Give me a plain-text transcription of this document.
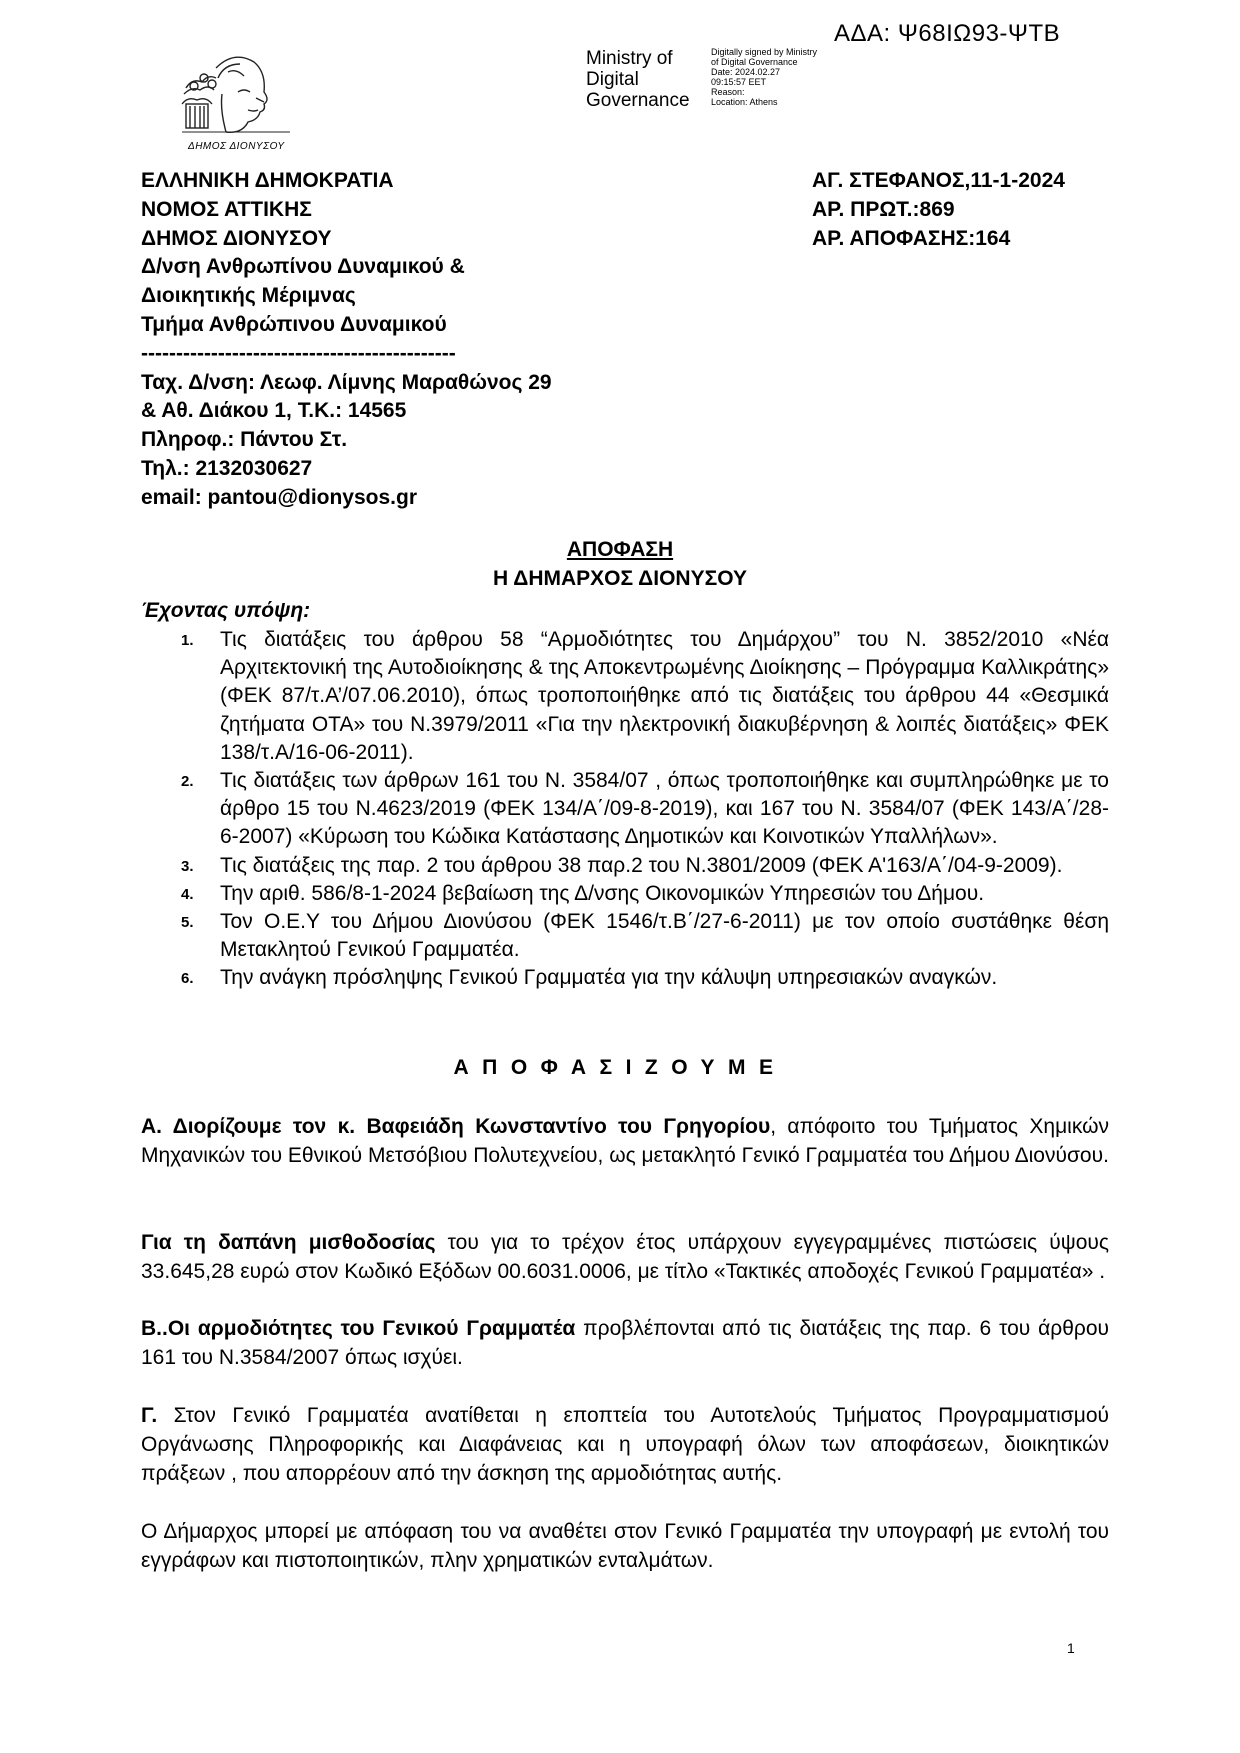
ΑΔΑ: Ψ68ΙΩ93-ΨΤΒ
ΔΗΜΟΣ ΔΙΟΝΥΣΟΥ
Ministry of
Digital
Governance
Digitally signed by Ministry
of Digital Governance
Date: 2024.02.27
09:15:57 EET
Reason:
Location: Athens
ΕΛΛΗΝΙΚΗ ΔΗΜΟΚΡΑΤΙΑ
ΝΟΜΟΣ ΑΤΤΙΚΗΣ
ΔΗΜΟΣ ΔΙΟΝΥΣΟΥ
Δ/νση Ανθρωπίνου Δυναμικού &
Διοικητικής Μέριμνας
Τμήμα Ανθρώπινου Δυναμικού
---------------------------------------------
Ταχ. Δ/νση: Λεωφ. Λίμνης Μαραθώνος 29
& Αθ. Διάκου 1, Τ.Κ.: 14565
Πληροφ.: Πάντου Στ.
Τηλ.: 2132030627
email: pantou@dionysos.gr
ΑΓ. ΣΤΕΦΑΝΟΣ,11-1-2024
ΑΡ. ΠΡΩΤ.:869
ΑΡ. ΑΠΟΦΑΣΗΣ:164
ΑΠΟΦΑΣΗ
Η ΔΗΜΑΡΧΟΣ ΔΙΟΝΥΣΟΥ
Έχοντας υπόψη:
1. Τις διατάξεις του άρθρου 58 “Αρμοδιότητες του Δημάρχου” του Ν. 3852/2010 «Νέα Αρχιτεκτονική της Αυτοδιοίκησης & της Αποκεντρωμένης Διοίκησης – Πρόγραμμα Καλλικράτης» (ΦΕΚ 87/τ.Α’/07.06.2010), όπως τροποποιήθηκε από τις διατάξεις του άρθρου 44 «Θεσμικά ζητήματα ΟΤΑ» του Ν.3979/2011 «Για την ηλεκτρονική διακυβέρνηση & λοιπές διατάξεις» ΦΕΚ 138/τ.Α/16-06-2011).
2. Τις διατάξεις των άρθρων 161 του Ν. 3584/07 , όπως τροποποιήθηκε και συμπληρώθηκε με το άρθρο 15 του Ν.4623/2019 (ΦΕΚ 134/Α΄/09-8-2019), και 167 του Ν. 3584/07 (ΦΕΚ 143/Α΄/28-6-2007) «Κύρωση του Κώδικα Κατάστασης Δημοτικών και Κοινοτικών Υπαλλήλων».
3. Τις διατάξεις της παρ. 2 του άρθρου 38 παρ.2 του Ν.3801/2009 (ΦΕΚ Α'163/Α΄/04-9-2009).
4. Την αριθ. 586/8-1-2024 βεβαίωση της Δ/νσης Οικονομικών Υπηρεσιών του Δήμου.
5. Τον Ο.Ε.Υ του Δήμου Διονύσου (ΦΕΚ 1546/τ.Β΄/27-6-2011) με τον οποίο συστάθηκε θέση Μετακλητού Γενικού Γραμματέα.
6. Την ανάγκη πρόσληψης Γενικού Γραμματέα για την κάλυψη υπηρεσιακών αναγκών.
ΑΠΟΦΑΣΙΖΟΥΜΕ

Α. Διορίζουμε τον κ. Βαφειάδη Κωνσταντίνο του Γρηγορίου, απόφοιτο του Τμήματος Χημικών Μηχανικών του Εθνικού Μετσόβιου Πολυτεχνείου, ως μετακλητό Γενικό Γραμματέα του Δήμου Διονύσου.

Για τη δαπάνη μισθοδοσίας του για το τρέχον έτος υπάρχουν εγγεγραμμένες πιστώσεις ύψους 33.645,28 ευρώ στον Κωδικό Εξόδων 00.6031.0006, με τίτλο «Τακτικές αποδοχές Γενικού Γραμματέα» .

Β..Οι αρμοδιότητες του Γενικού Γραμματέα προβλέπονται από τις διατάξεις της παρ. 6 του άρθρου 161 του Ν.3584/2007 όπως ισχύει.

Γ. Στον Γενικό Γραμματέα ανατίθεται η εποπτεία του Αυτοτελούς Τμήματος Προγραμματισμού Οργάνωσης Πληροφορικής και Διαφάνειας και η υπογραφή όλων των αποφάσεων, διοικητικών πράξεων , που απορρέουν από την άσκηση της αρμοδιότητας αυτής.

Ο Δήμαρχος μπορεί με απόφαση του να αναθέτει στον Γενικό Γραμματέα την υπογραφή με εντολή του εγγράφων και πιστοποιητικών, πλην χρηματικών ενταλμάτων.

1
